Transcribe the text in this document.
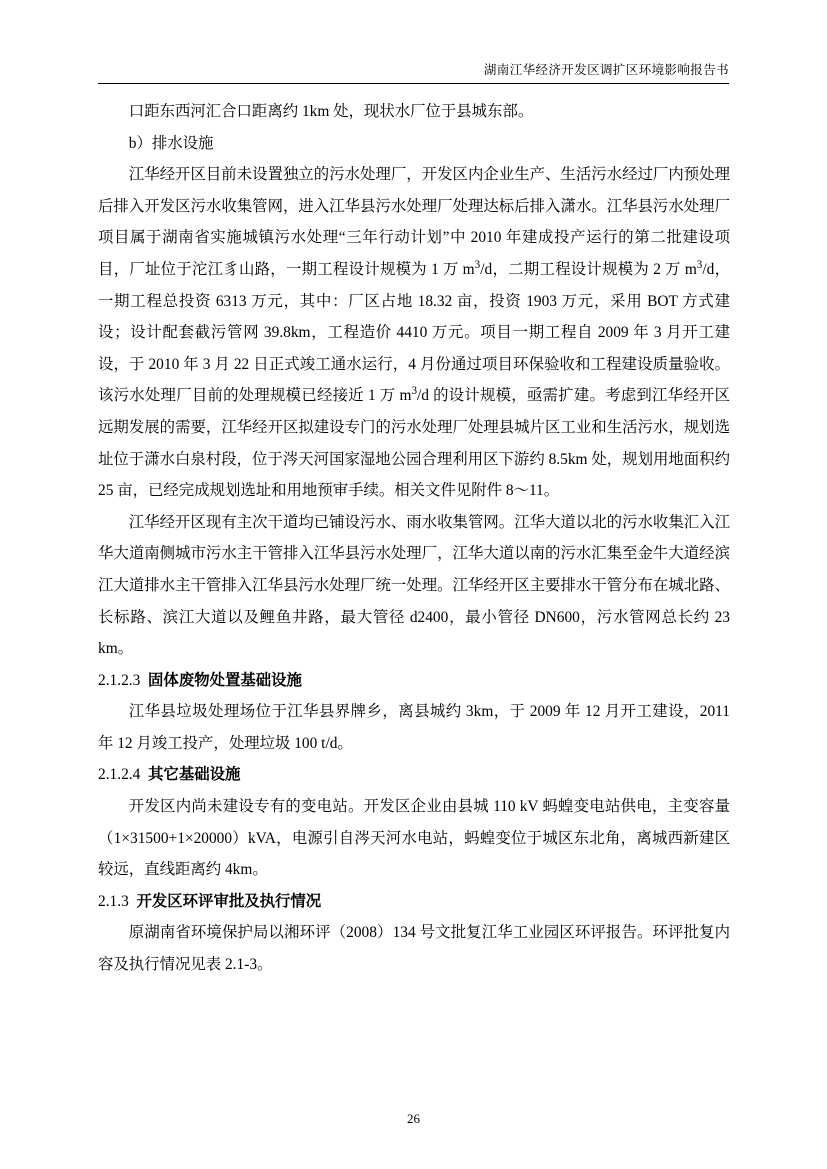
湖南江华经济开发区调扩区环境影响报告书

口距东西河汇合口距离约 1km 处，现状水厂位于县城东部。

b）排水设施

江华经开区目前未设置独立的污水处理厂，开发区内企业生产、生活污水经过厂内预处理后排入开发区污水收集管网，进入江华县污水处理厂处理达标后排入潇水。江华县污水处理厂项目属于湖南省实施城镇污水处理“三年行动计划”中 2010 年建成投产运行的第二批建设项目，厂址位于沱江豸山路，一期工程设计规模为 1 万 $m^3/d$，二期工程设计规模为 2 万 $m^3/d$，一期工程总投资 6313 万元，其中：厂区占地 18.32 亩，投资 1903 万元，采用 BOT 方式建设；设计配套截污管网 39.8km，工程造价 4410 万元。项目一期工程自 2009 年 3 月开工建设，于 2010 年 3 月 22 日正式竣工通水运行，4 月份通过项目环保验收和工程建设质量验收。该污水处理厂目前的处理规模已经接近 1 万 $m^3/d$ 的设计规模，亟需扩建。考虑到江华经开区远期发展的需要，江华经开区拟建设专门的污水处理厂处理县城片区工业和生活污水，规划选址位于潇水白泉村段，位于涔天河国家湿地公园合理利用区下游约 8.5km 处，规划用地面积约 25 亩，已经完成规划选址和用地预审手续。相关文件见附件 8～11。

江华经开区现有主次干道均已铺设污水、雨水收集管网。江华大道以北的污水收集汇入江华大道南侧城市污水主干管排入江华县污水处理厂，江华大道以南的污水汇集至金牛大道经滨江大道排水主干管排入江华县污水处理厂统一处理。江华经开区主要排水干管分布在城北路、长标路、滨江大道以及鲤鱼井路，最大管径 d2400，最小管径 DN600，污水管网总长约 23 km。

2.1.2.3 固体废物处置基础设施

江华县垃圾处理场位于江华县界牌乡，离县城约 3km，于 2009 年 12 月开工建设，2011 年 12 月竣工投产，处理垃圾 100 t/d。

2.1.2.4 其它基础设施

开发区内尚未建设专有的变电站。开发区企业由县城 110 kV 蚂蝗变电站供电，主变容量（1×31500+1×20000）kVA，电源引自涔天河水电站，蚂蝗变位于城区东北角，离城西新建区较远，直线距离约 4km。

2.1.3 开发区环评审批及执行情况

原湖南省环境保护局以湘环评（2008）134 号文批复江华工业园区环评报告。环评批复内容及执行情况见表 2.1-3。

26
